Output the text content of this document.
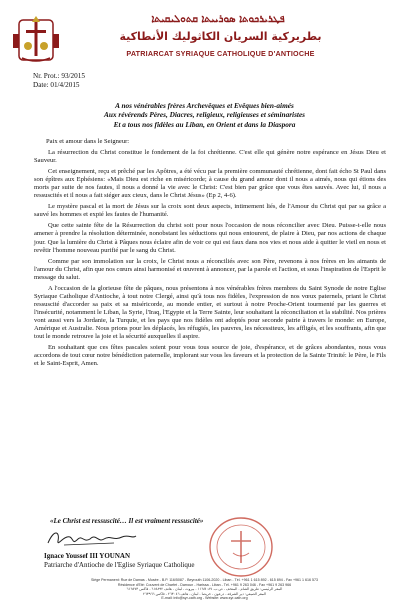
ܦܛܪܝܪܟܘܬܐ ܣܘܪܝܝܬܐ ܩܬܘܠܝܩܝܬܐ
بطريركية السريان الكاثوليك الأنطاكية
PATRIARCAT SYRIAQUE CATHOLIQUE D'ANTIOCHE
Nr. Prot.: 93/2015
Date: 01/4/2015
A nos vénérables frères Archevêques et Evêques bien-aimés
Aux révérends Pères, Diacres, religieux, religieuses et séminaristes
Et a tous nos fidèles au Liban, en Orient et dans la Diaspora

Paix et amour dans le Seigneur:

La résurrection du Christ constitue le fondement de la foi chrétienne. C'est elle qui génère notre espérance en Jésus Dieu et Sauveur.

Cet enseignement, reçu et prêché par les Apôtres, a été vécu par la première communauté chrétienne, dont fait écho St Paul dans son épîtres aux Ephésiens: «Mais Dieu est riche en miséricorde; à cause du grand amour dont il nous a aimés, nous qui étions des morts par suite de nos fautes, il nous a donné la vie avec le Christ: C'est bien par grâce que vous êtes sauvés. Avec lui, il nous a ressuscités et il nous a fait siéger aux cieux, dans le Christ Jésus» (Ep 2, 4-6).

Le mystère pascal et la mort de Jésus sur la croix sont deux aspects, intimement liés, de l'Amour du Christ qui par sa grâce a sauvé les hommes et expié les fautes de l'humanité.

Que cette sainte fête de la Résurrection du christ soit pour nous l'occasion de nous réconcilier avec Dieu. Puisse-t-elle nous amener à prendre la résolution déterminée, nonobstant les séductions qui nous entourent, de plaire à Dieu, par nos actions de chaque jour. Que la lumière du Christ à Pâques nous éclaire afin de voir ce qui est faux dans nos vies et nous aide à quitter le vieil en nous et revêtir l'homme nouveau purifié par le sang du Christ.

Comme par son immolation sur la croix, le Christ nous a réconciliés avec son Père, revenons à nos frères en les aimants de l'amour du Christ, afin que nos cœurs ainsi harmonisé et œuvrent à annoncer, par la parole et l'action, et sous l'inspiration de l'Esprit le message du salut.

A l'occasion de la glorieuse fête de pâques, nous présentons à nos vénérables frères membres du Saint Synode de notre Eglise Syriaque Catholique d'Antioche, à tout notre Clergé, ainsi qu'à tous nos fidèles, l'expression de nos vœux paternels, priant le Christ ressuscité d'accorder sa paix et sa miséricorde, au monde entier, et surtout à notre Proche-Orient tourmenté par les guerres et l'insécurité, notamment le Liban, la Syrie, l'Iraq, l'Egypte et la Terre Sainte, leur souhaitant la réconciliation et la stabilité. Nos prières vont aussi vers la Jordanie, la Turquie, et les pays que nos fidèles ont adoptés pour seconde patrie à travers le monde: en Europe, Amérique et Australie. Nous prions pour les déplacés, les réfugiés, les pauvres, les nécessiteux, les affligés, et les souffrants, afin que tout le monde retrouve la joie et la sécurité auxquelles il aspire.

En souhaitant que ces fêtes pascales soient pour vous tous source de joie, d'espérance, et de grâces abondantes, nous vous accordons de tout cœur notre bénédiction paternelle, implorant sur vous les faveurs et la protection de la Sainte Trinité: le Père, le Fils et le Saint-Esprit, Amen.

«Le Christ est ressuscité… Il est vraiment ressuscité»
Ignace Youssef III YOUNAN
Patriarche d'Antioche de l'Eglise Syriaque Catholique
Siège Permanent: Rue de Damas - Musée - B.P. 116/5087 - Beyrouth 1106-2020 - Liban - Tél. +961 1 615 892 - 615 894 - Fax +961 1 616 573
Résidence d'Eté: Couvent de Charfet - Darroun - Harissa - Liban - Tél. +961 9 263 046 - Fax +961 9 263 966
المقر الرئيسي: طريق الشام - المتحف - ص.ب. ١١٦/٥٠٨٧ - بيروت - لبنان - هاتف ٦١٥٨٩٢ - فاكس ٦١٦٥٧٣
المقر الصيفي: دير الشرفة - درعون - حريصا - لبنان - هاتف ٢٦٣٠٤٦ - فاكس ٢٦٣٩٦٦
E-mail: info@syr-cath.org - Website: www.syr-cath.org
